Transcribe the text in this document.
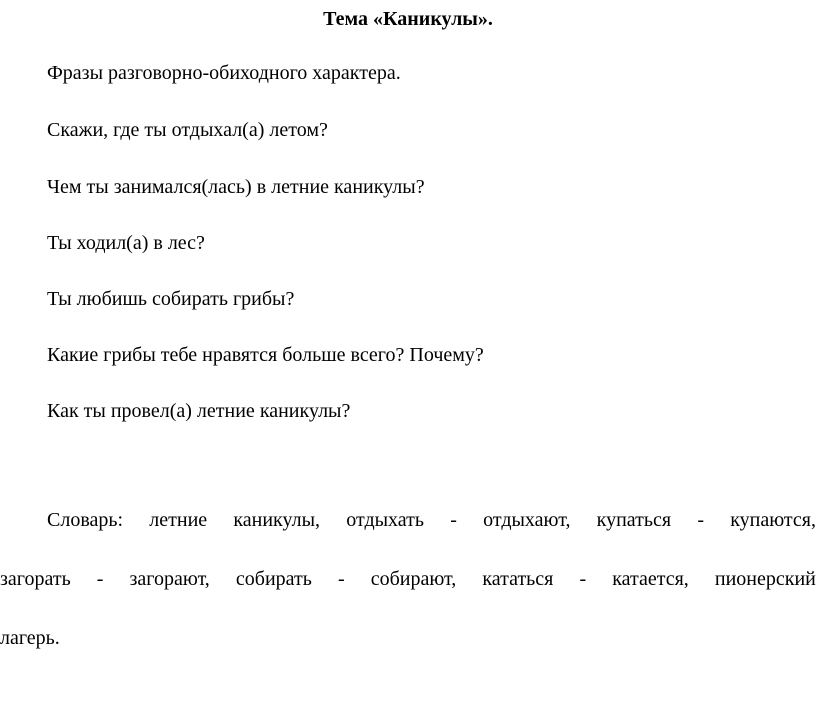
Тема «Каникулы».
Фразы разговорно-обиходного характера.
Скажи, где ты отдыхал(а) летом?
Чем ты занимался(лась) в летние каникулы?
Ты ходил(а) в лес?
Ты любишь собирать грибы?
Какие грибы тебе нравятся больше всего? Почему?
Как ты провел(а) летние каникулы?
Словарь: летние каникулы, отдыхать - отдыхают, купаться - купаются,
загорать - загорают, собирать - собирают, кататься - катается, пионерский
лагерь.
